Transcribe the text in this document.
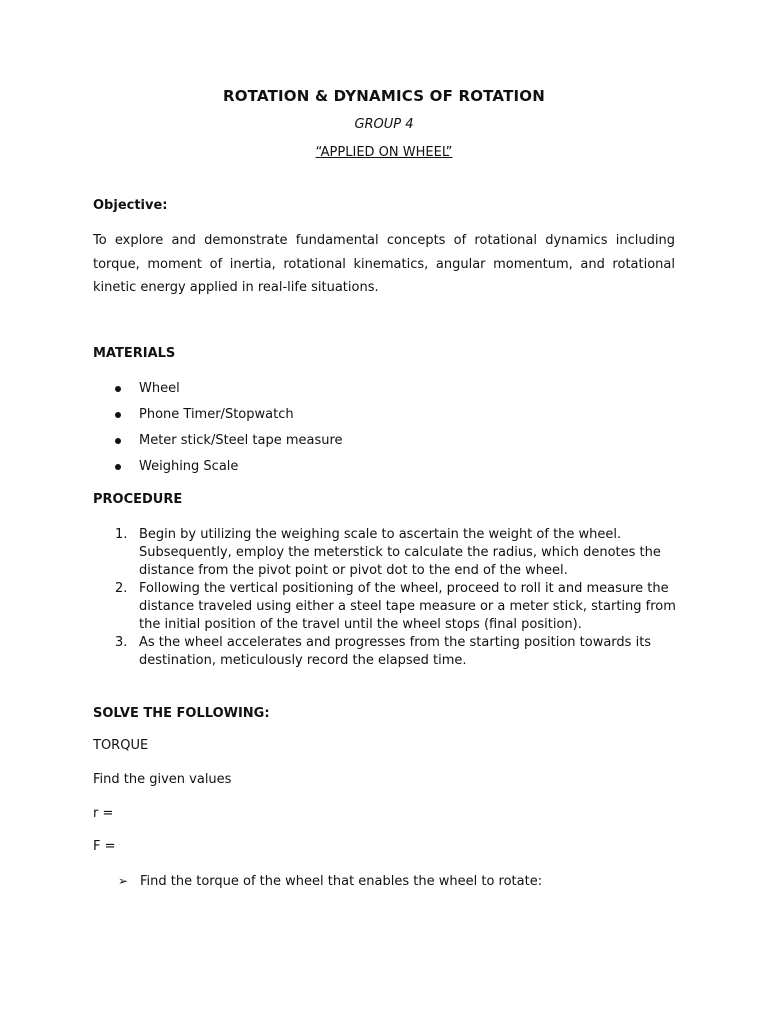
ROTATION & DYNAMICS OF ROTATION
GROUP 4
“APPLIED ON WHEEL”
Objective:
To explore and demonstrate fundamental concepts of rotational dynamics including torque, moment of inertia, rotational kinematics, angular momentum, and rotational kinetic energy applied in real-life situations.
MATERIALS
Wheel
Phone Timer/Stopwatch
Meter stick/Steel tape measure
Weighing Scale
PROCEDURE
1. Begin by utilizing the weighing scale to ascertain the weight of the wheel. Subsequently, employ the meterstick to calculate the radius, which denotes the distance from the pivot point or pivot dot to the end of the wheel.
2. Following the vertical positioning of the wheel, proceed to roll it and measure the distance traveled using either a steel tape measure or a meter stick, starting from the initial position of the travel until the wheel stops (final position).
3. As the wheel accelerates and progresses from the starting position towards its destination, meticulously record the elapsed time.
SOLVE THE FOLLOWING:
TORQUE
Find the given values
r =
F =
➢ Find the torque of the wheel that enables the wheel to rotate:
